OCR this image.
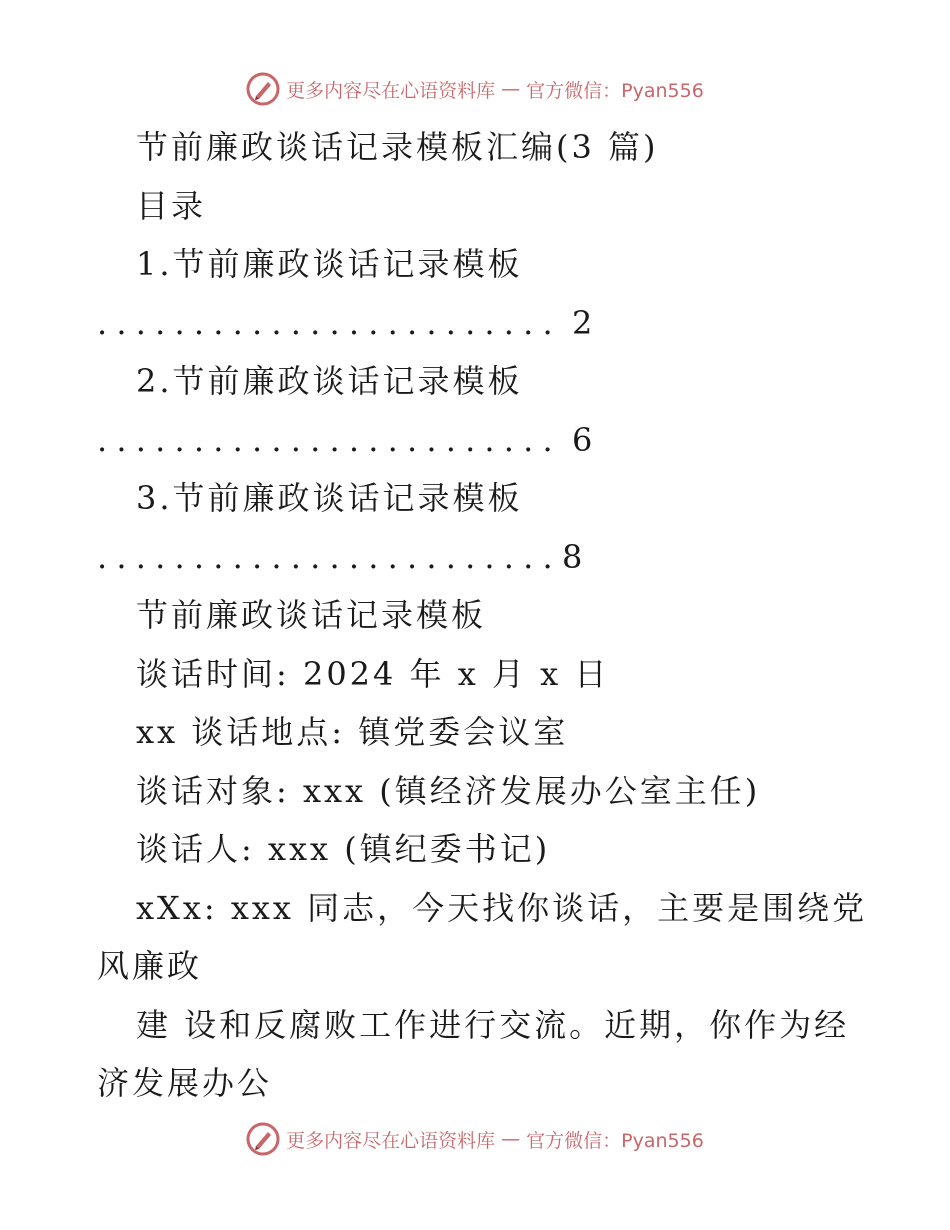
更多内容尽在心语资料库 — 官方微信：Pyan556
节前廉政谈话记录模板汇编(3 篇)
目录
1.节前廉政谈话记录模板
........................ 2
2.节前廉政谈话记录模板
........................ 6
3.节前廉政谈话记录模板
........................8
节前廉政谈话记录模板
谈话时间: 2024 年 x 月 x 日
xx 谈话地点: 镇党委会议室
谈话对象: xxx (镇经济发展办公室主任)
谈话人: xxx (镇纪委书记)
xXx: xxx 同志，今天找你谈话，主要是围绕党
风廉政
建 设和反腐败工作进行交流。近期，你作为经
济发展办公
更多内容尽在心语资料库 — 官方微信：Pyan556
